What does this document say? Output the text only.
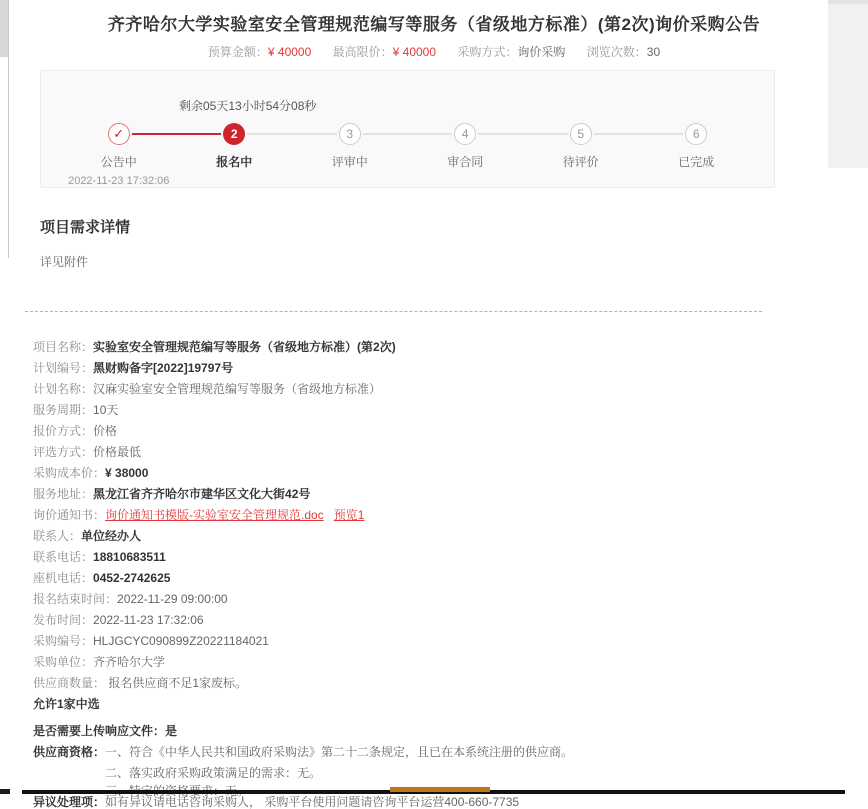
齐齐哈尔大学实验室安全管理规范编写等服务（省级地方标准）(第2次)询价采购公告
预算金额：¥ 40000 最高限价：¥ 40000 采购方式：询价采购 浏览次数：30
剩余05天13小时54分08秒
✓
公告中
2022-11-23 17:32:06
2
报名中
3
评审中
4
审合同
5
待评价
6
已完成
项目需求详情
详见附件
项目名称：实验室安全管理规范编写等服务（省级地方标准）(第2次)
计划编号：黑财购备字[2022]19797号
计划名称：汉麻实验室安全管理规范编写等服务（省级地方标准）
服务周期：10天
报价方式：价格
评选方式：价格最低
采购成本价：¥ 38000
服务地址：黑龙江省齐齐哈尔市建华区文化大街42号
询价通知书：询价通知书模版-实验室安全管理规范.doc 预览1
联系人：单位经办人
联系电话：18810683511
座机电话：0452-2742625
报名结束时间：2022-11-29 09:00:00
发布时间：2022-11-23 17:32:06
采购编号：HLJGCYC090899Z20221184021
采购单位：齐齐哈尔大学
供应商数量： 报名供应商不足1家废标。
允许1家中选
是否需要上传响应文件：是
供应商资格：一、符合《中华人民共和国政府采购法》第二十二条规定，且已在本系统注册的供应商。
二、落实政府采购政策满足的需求：无。
异议处理项：如有异议请电话咨询采购人， 采购平台使用问题请咨询平台运营400-660-7735
